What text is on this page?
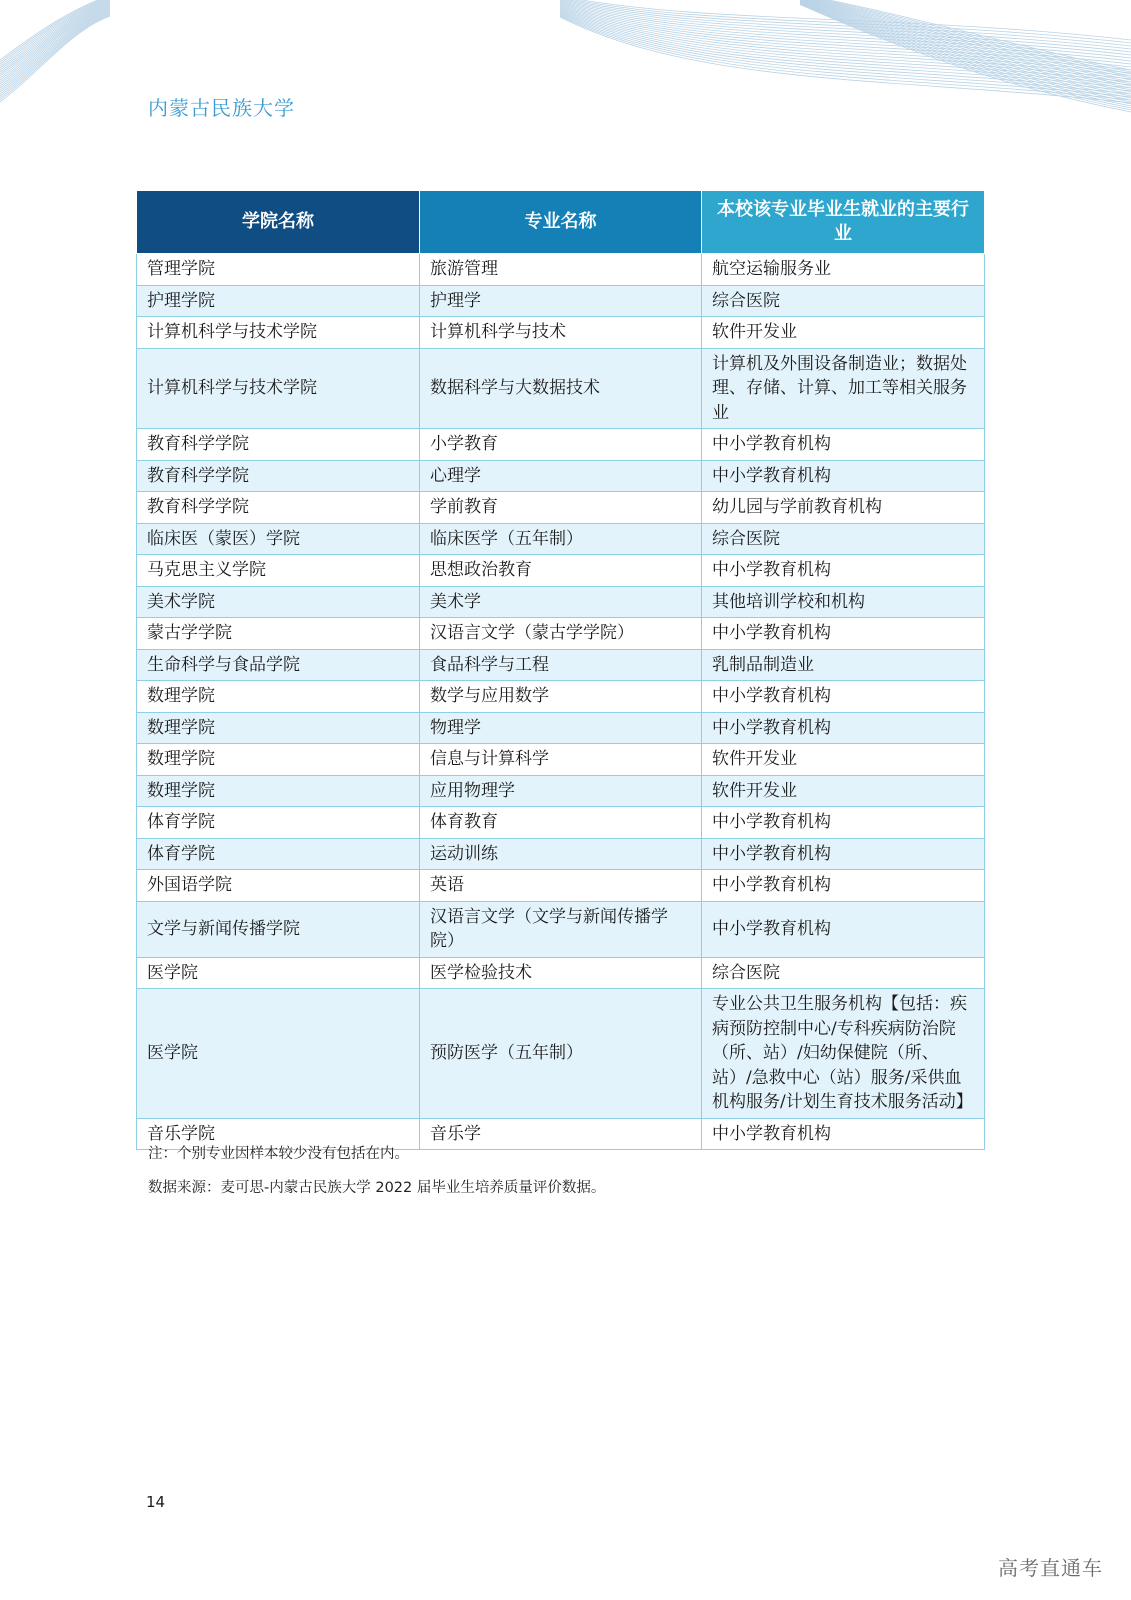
内蒙古民族大学
学院名称	专业名称	本校该专业毕业生就业的主要行业
管理学院	旅游管理	航空运输服务业
护理学院	护理学	综合医院
计算机科学与技术学院	计算机科学与技术	软件开发业
计算机科学与技术学院	数据科学与大数据技术	计算机及外围设备制造业；数据处理、存储、计算、加工等相关服务业
教育科学学院	小学教育	中小学教育机构
教育科学学院	心理学	中小学教育机构
教育科学学院	学前教育	幼儿园与学前教育机构
临床医（蒙医）学院	临床医学（五年制）	综合医院
马克思主义学院	思想政治教育	中小学教育机构
美术学院	美术学	其他培训学校和机构
蒙古学学院	汉语言文学（蒙古学学院）	中小学教育机构
生命科学与食品学院	食品科学与工程	乳制品制造业
数理学院	数学与应用数学	中小学教育机构
数理学院	物理学	中小学教育机构
数理学院	信息与计算科学	软件开发业
数理学院	应用物理学	软件开发业
体育学院	体育教育	中小学教育机构
体育学院	运动训练	中小学教育机构
外国语学院	英语	中小学教育机构
文学与新闻传播学院	汉语言文学（文学与新闻传播学院）	中小学教育机构
医学院	医学检验技术	综合医院
医学院	预防医学（五年制）	专业公共卫生服务机构【包括：疾病预防控制中心/专科疾病防治院（所、站）/妇幼保健院（所、站）/急救中心（站）服务/采供血机构服务/计划生育技术服务活动】
音乐学院	音乐学	中小学教育机构
注：个别专业因样本较少没有包括在内。
数据来源：麦可思-内蒙古民族大学 2022 届毕业生培养质量评价数据。
14
高考直通车
